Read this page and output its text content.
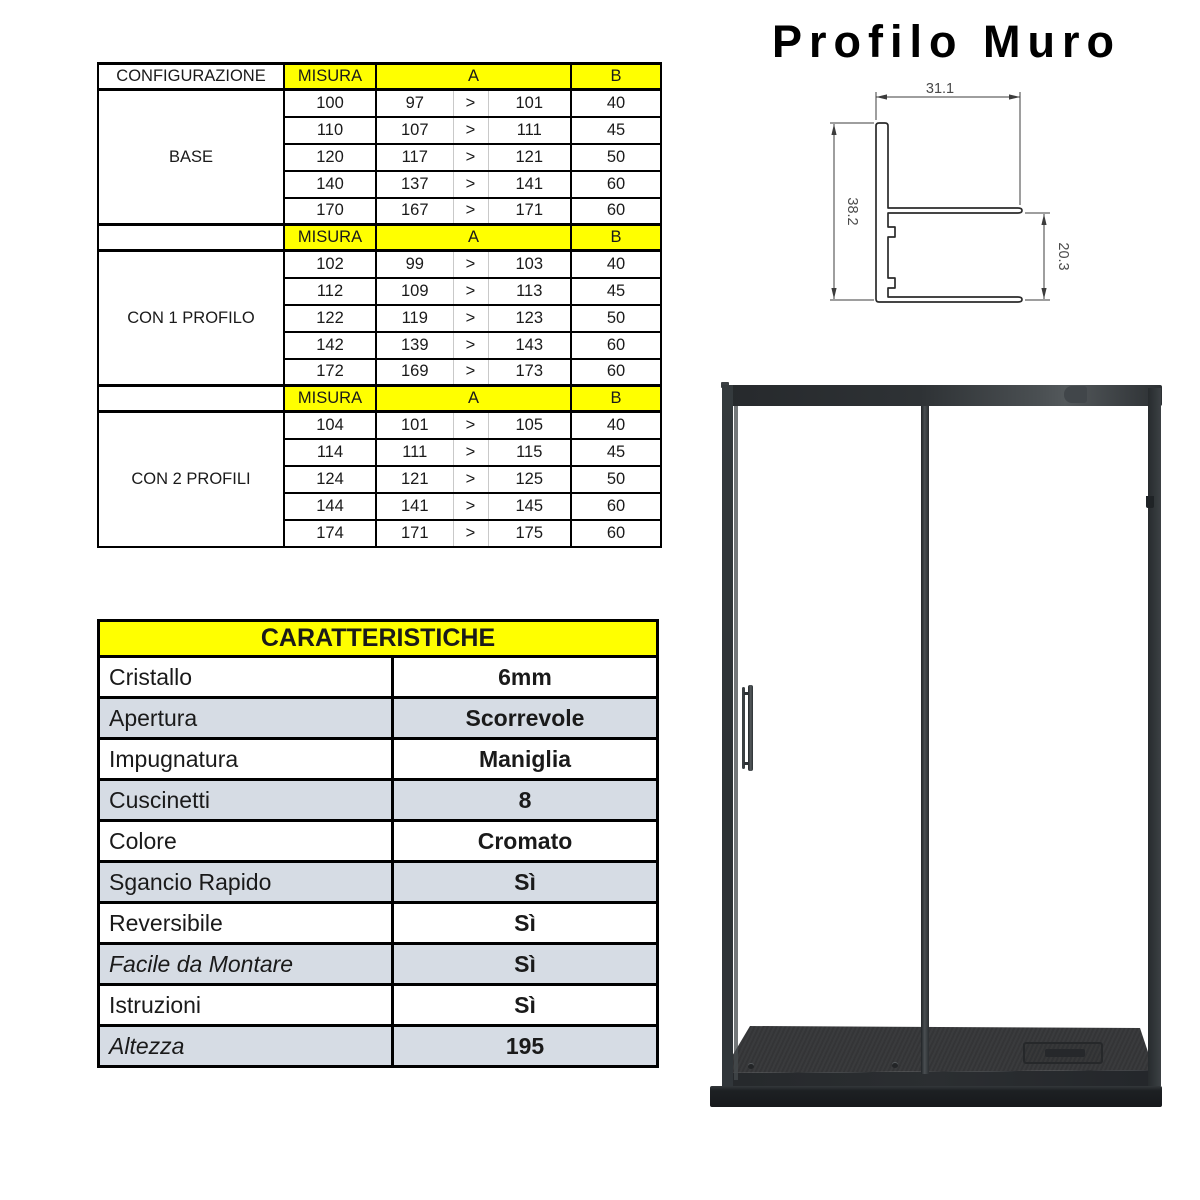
CONFIGURAZIONE	MISURA	A			B
BASE	100	97	>	101	40
	110	107	>	111	45
	120	117	>	121	50
	140	137	>	141	60
	170	167	>	171	60
	MISURA	A			B
CON 1 PROFILO	102	99	>	103	40
	112	109	>	113	45
	122	119	>	123	50
	142	139	>	143	60
	172	169	>	173	60
	MISURA	A			B
CON 2 PROFILI	104	101	>	105	40
	114	111	>	115	45
	124	121	>	125	50
	144	141	>	145	60
	174	171	>	175	60
CARATTERISTICHE	
Cristallo	6mm
Apertura	Scorrevole
Impugnatura	Maniglia
Cuscinetti	8
Colore	Cromato
Sgancio Rapido	Sì
Reversibile	Sì
Facile da Montare	Sì
Istruzioni	Sì
Altezza	195
Profilo Muro
31.1
38.2
20.3
